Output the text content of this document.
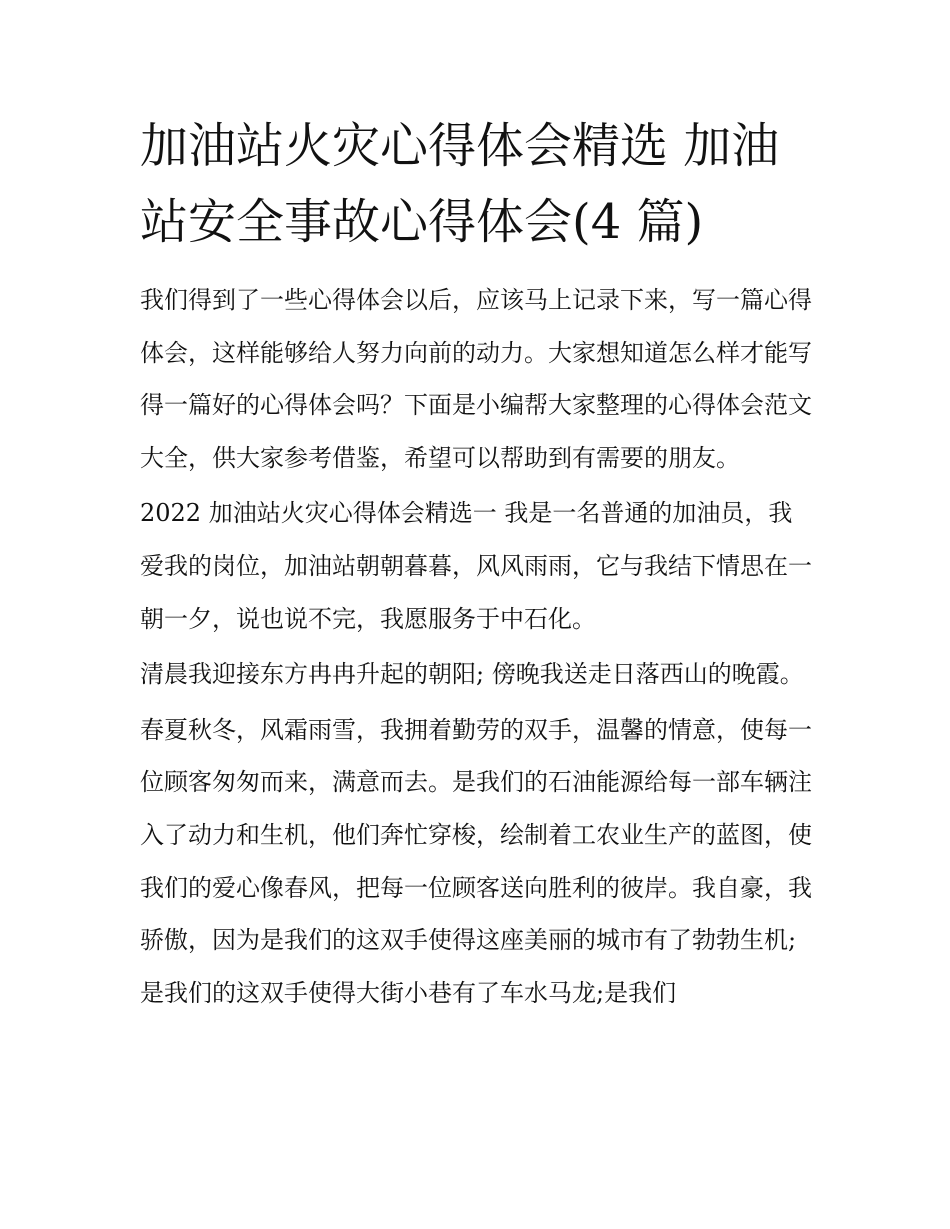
加油站火灾心得体会精选 加油站安全事故心得体会(4 篇)

我们得到了一些心得体会以后，应该马上记录下来，写一篇心得体会，这样能够给人努力向前的动力。大家想知道怎么样才能写得一篇好的心得体会吗？下面是小编帮大家整理的心得体会范文大全，供大家参考借鉴，希望可以帮助到有需要的朋友。

2022 加油站火灾心得体会精选一 我是一名普通的加油员，我爱我的岗位，加油站朝朝暮暮，风风雨雨，它与我结下情思在一朝一夕，说也说不完，我愿服务于中石化。

清晨我迎接东方冉冉升起的朝阳; 傍晚我送走日落西山的晚霞。

春夏秋冬，风霜雨雪，我拥着勤劳的双手，温馨的情意，使每一位顾客匆匆而来，满意而去。是我们的石油能源给每一部车辆注入了动力和生机，他们奔忙穿梭，绘制着工农业生产的蓝图，使我们的爱心像春风，把每一位顾客送向胜利的彼岸。我自豪，我骄傲，因为是我们的这双手使得这座美丽的城市有了勃勃生机;是我们的这双手使得大街小巷有了车水马龙;是我们
